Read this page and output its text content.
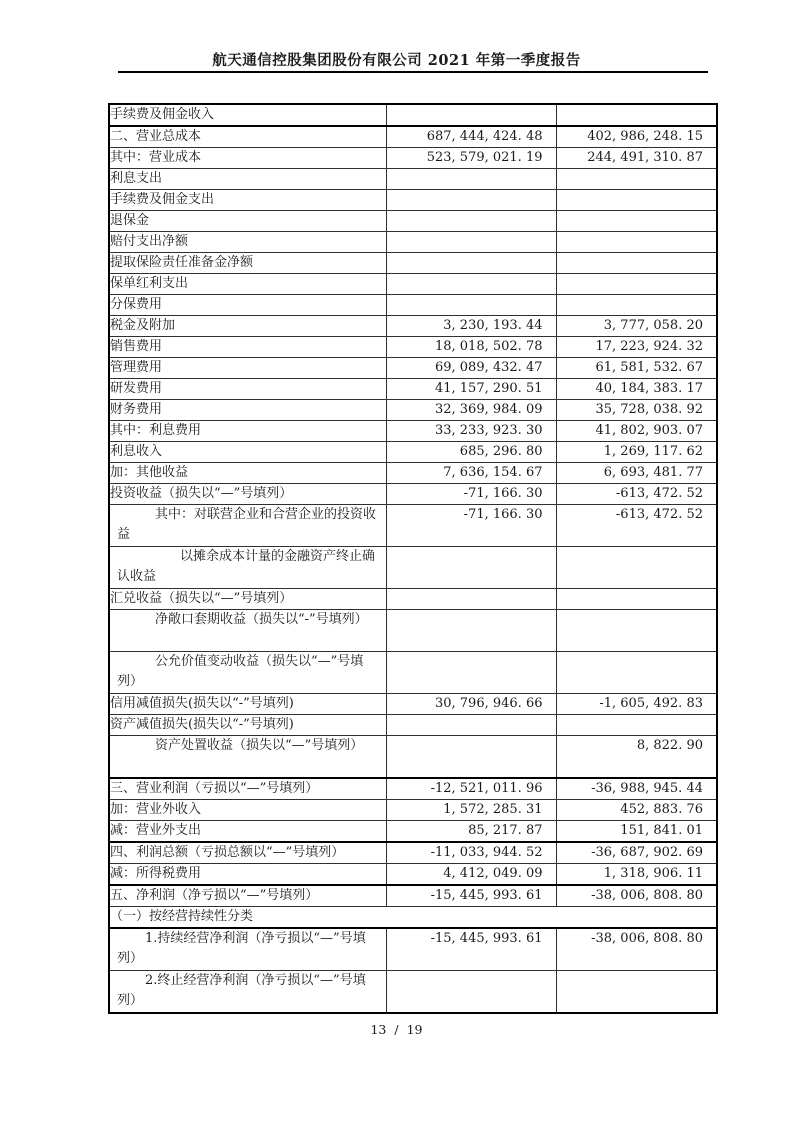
航天通信控股集团股份有限公司 2021 年第一季度报告
手续费及佣金收入		
二、营业总成本	687, 444, 424. 48	402, 986, 248. 15
其中：营业成本	523, 579, 021. 19	244, 491, 310. 87
利息支出		
手续费及佣金支出		
退保金		
赔付支出净额		
提取保险责任准备金净额		
保单红利支出		
分保费用		
税金及附加	3, 230, 193. 44	3, 777, 058. 20
销售费用	18, 018, 502. 78	17, 223, 924. 32
管理费用	69, 089, 432. 47	61, 581, 532. 67
研发费用	41, 157, 290. 51	40, 184, 383. 17
财务费用	32, 369, 984. 09	35, 728, 038. 92
其中：利息费用	33, 233, 923. 30	41, 802, 903. 07
利息收入	685, 296. 80	1, 269, 117. 62
加：其他收益	7, 636, 154. 67	6, 693, 481. 77
投资收益（损失以“—”号填列）	-71, 166. 30	-613, 472. 52
其中：对联营企业和合营企业的投资收益	-71, 166. 30	-613, 472. 52
以摊余成本计量的金融资产终止确认收益		
汇兑收益（损失以“—”号填列）		
净敞口套期收益（损失以“-”号填列）		
公允价值变动收益（损失以“—”号填列）		
信用减值损失(损失以“-”号填列)	30, 796, 946. 66	-1, 605, 492. 83
资产减值损失(损失以“-”号填列)		
资产处置收益（损失以“—”号填列）		8, 822. 90
三、营业利润（亏损以“—”号填列）	-12, 521, 011. 96	-36, 988, 945. 44
加：营业外收入	1, 572, 285. 31	452, 883. 76
减：营业外支出	85, 217. 87	151, 841. 01
四、利润总额（亏损总额以“—”号填列）	-11, 033, 944. 52	-36, 687, 902. 69
减：所得税费用	4, 412, 049. 09	1, 318, 906. 11
五、净利润（净亏损以“—”号填列）	-15, 445, 993. 61	-38, 006, 808. 80
（一）按经营持续性分类		
1.持续经营净利润（净亏损以“—”号填列）	-15, 445, 993. 61	-38, 006, 808. 80
2.终止经营净利润（净亏损以“—”号填列）		
13 / 19
